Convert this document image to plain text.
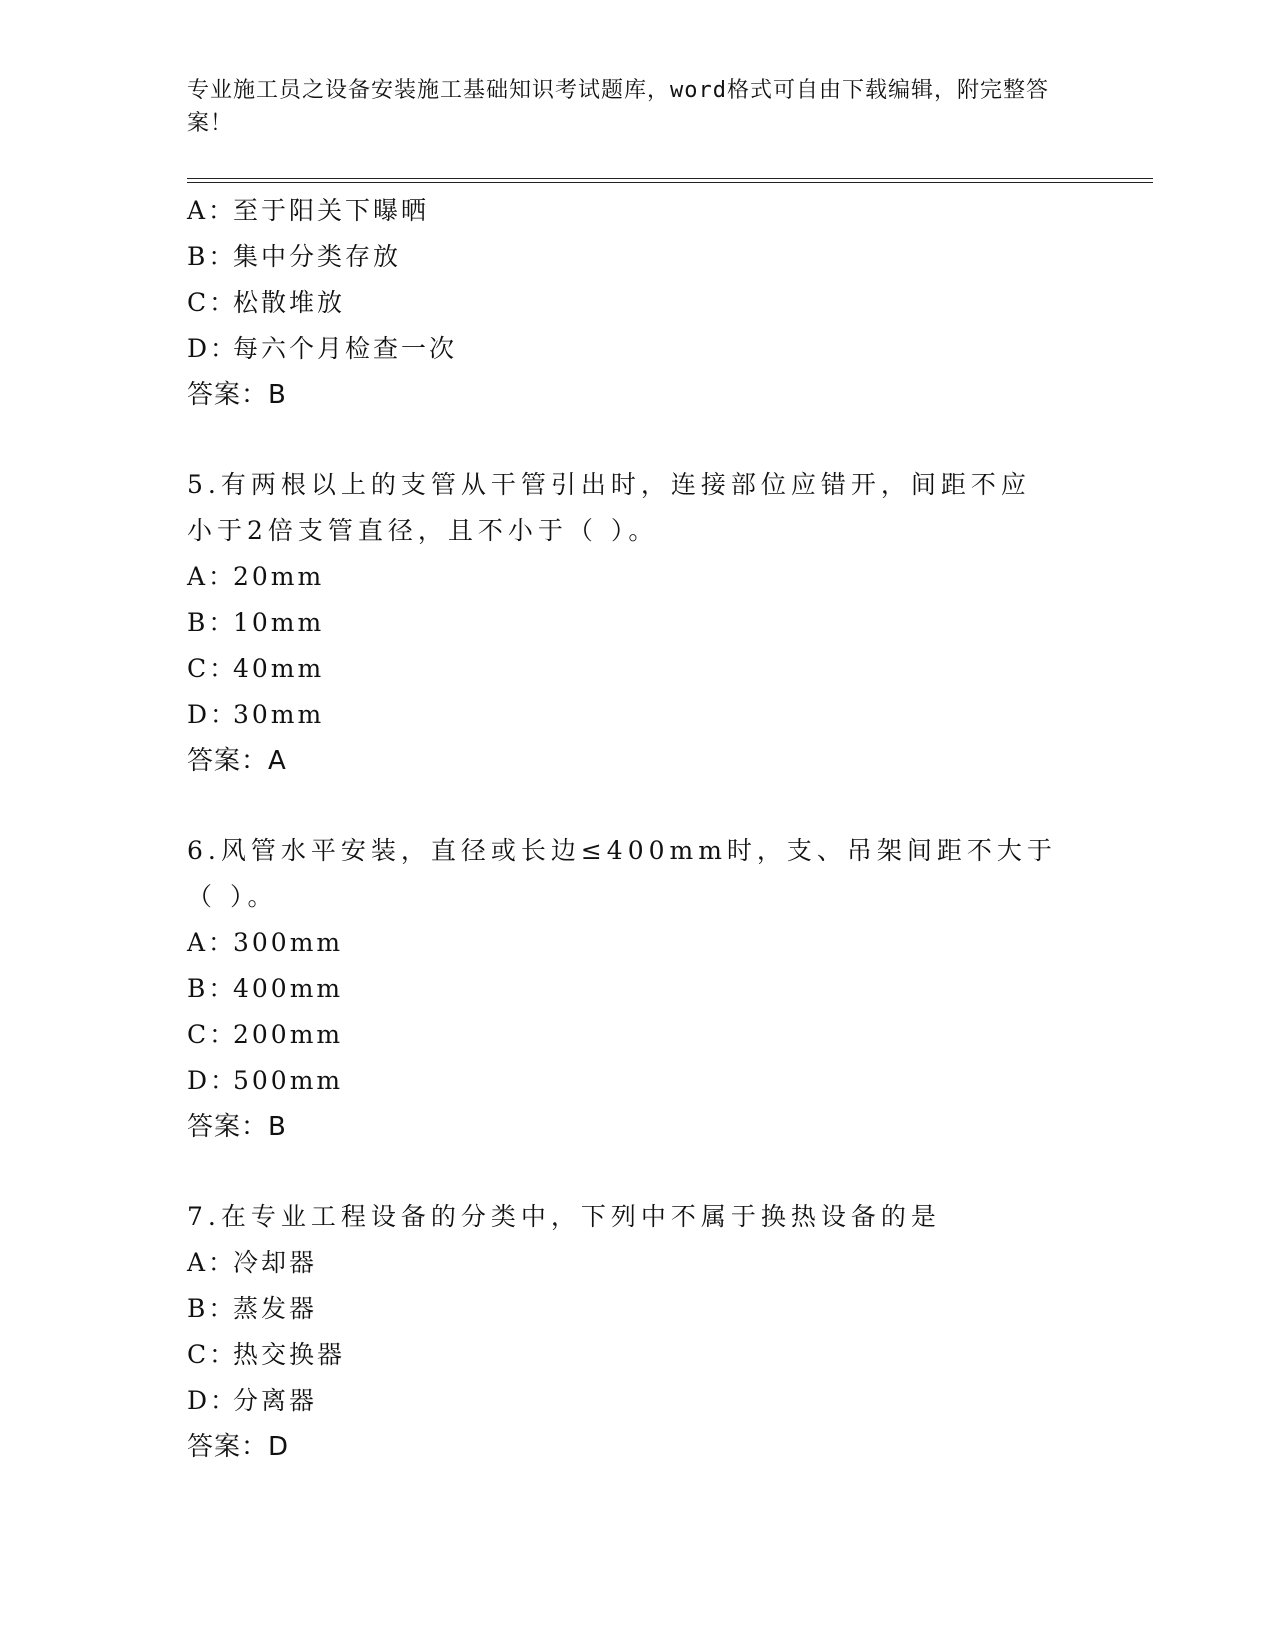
专业施工员之设备安装施工基础知识考试题库，word格式可自由下载编辑，附完整答案！
A：至于阳关下曝晒
B：集中分类存放
C：松散堆放
D：每六个月检查一次
答案：B
5.有两根以上的支管从干管引出时，连接部位应错开，间距不应小于2倍支管直径，且不小于（ ）。
A：20mm
B：10mm
C：40mm
D：30mm
答案：A
6.风管水平安装，直径或长边≤400mm时，支、吊架间距不大于（ ）。
A：300mm
B：400mm
C：200mm
D：500mm
答案：B
7.在专业工程设备的分类中，下列中不属于换热设备的是
A：冷却器
B：蒸发器
C：热交换器
D：分离器
答案：D
